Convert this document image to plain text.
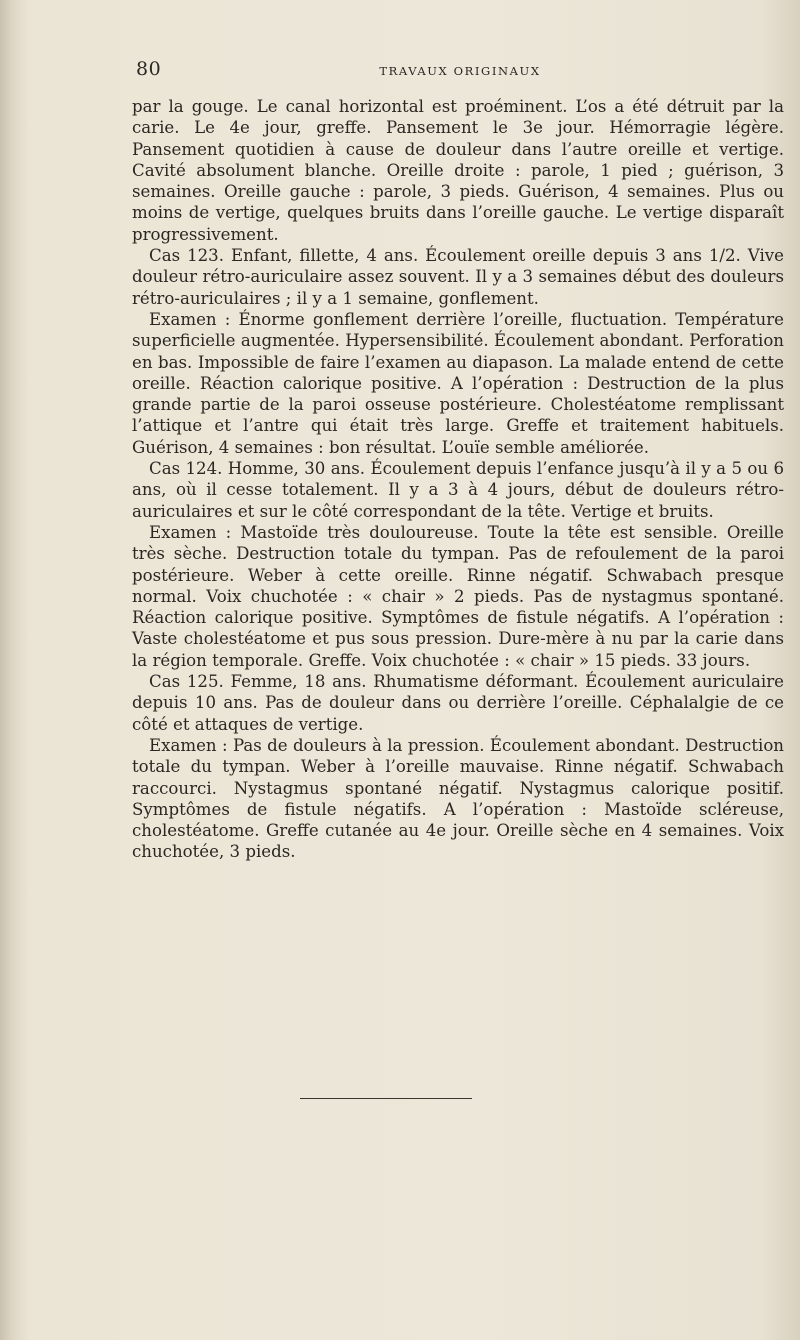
80	TRAVAUX ORIGINAUX

par la gouge. Le canal horizontal est proéminent. L’os a été détruit par la carie. Le 4e jour, greffe. Pansement le 3e jour. Hémorragie légère. Pansement quotidien à cause de douleur dans l’autre oreille et vertige. Cavité absolument blanche. Oreille droite : parole, 1 pied ; guérison, 3 semaines. Oreille gauche : parole, 3 pieds. Guérison, 4 semaines. Plus ou moins de vertige, quelques bruits dans l’oreille gauche. Le vertige disparaît progressivement.

Cas 123. Enfant, fillette, 4 ans. Écoulement oreille depuis 3 ans 1/2. Vive douleur rétro-auriculaire assez souvent. Il y a 3 semaines début des douleurs rétro-auriculaires ; il y a 1 semaine, gonflement.

Examen : Énorme gonflement derrière l’oreille, fluctuation. Température superficielle augmentée. Hypersensibilité. Écoulement abondant. Perforation en bas. Impossible de faire l’examen au diapason. La malade entend de cette oreille. Réaction calorique positive. A l’opération : Destruction de la plus grande partie de la paroi osseuse postérieure. Cholestéatome remplissant l’attique et l’antre qui était très large. Greffe et traitement habituels. Guérison, 4 semaines : bon résultat. L’ouïe semble améliorée.

Cas 124. Homme, 30 ans. Écoulement depuis l’enfance jusqu’à il y a 5 ou 6 ans, où il cesse totalement. Il y a 3 à 4 jours, début de douleurs rétro-auriculaires et sur le côté correspondant de la tête. Vertige et bruits.

Examen : Mastoïde très douloureuse. Toute la tête est sensible. Oreille très sèche. Destruction totale du tympan. Pas de refoulement de la paroi postérieure. Weber à cette oreille. Rinne négatif. Schwabach presque normal. Voix chuchotée : « chair » 2 pieds. Pas de nystagmus spontané. Réaction calorique positive. Symptômes de fistule négatifs. A l’opération : Vaste cholestéatome et pus sous pression. Dure-mère à nu par la carie dans la région temporale. Greffe. Voix chuchotée : « chair » 15 pieds. 33 jours.

Cas 125. Femme, 18 ans. Rhumatisme déformant. Écoulement auriculaire depuis 10 ans. Pas de douleur dans ou derrière l’oreille. Céphalalgie de ce côté et attaques de vertige.

Examen : Pas de douleurs à la pression. Écoulement abondant. Destruction totale du tympan. Weber à l’oreille mauvaise. Rinne négatif. Schwabach raccourci. Nystagmus spontané négatif. Nystagmus calorique positif. Symptômes de fistule négatifs. A l’opération : Mastoïde scléreuse, cholestéatome. Greffe cutanée au 4e jour. Oreille sèche en 4 semaines. Voix chuchotée, 3 pieds.
